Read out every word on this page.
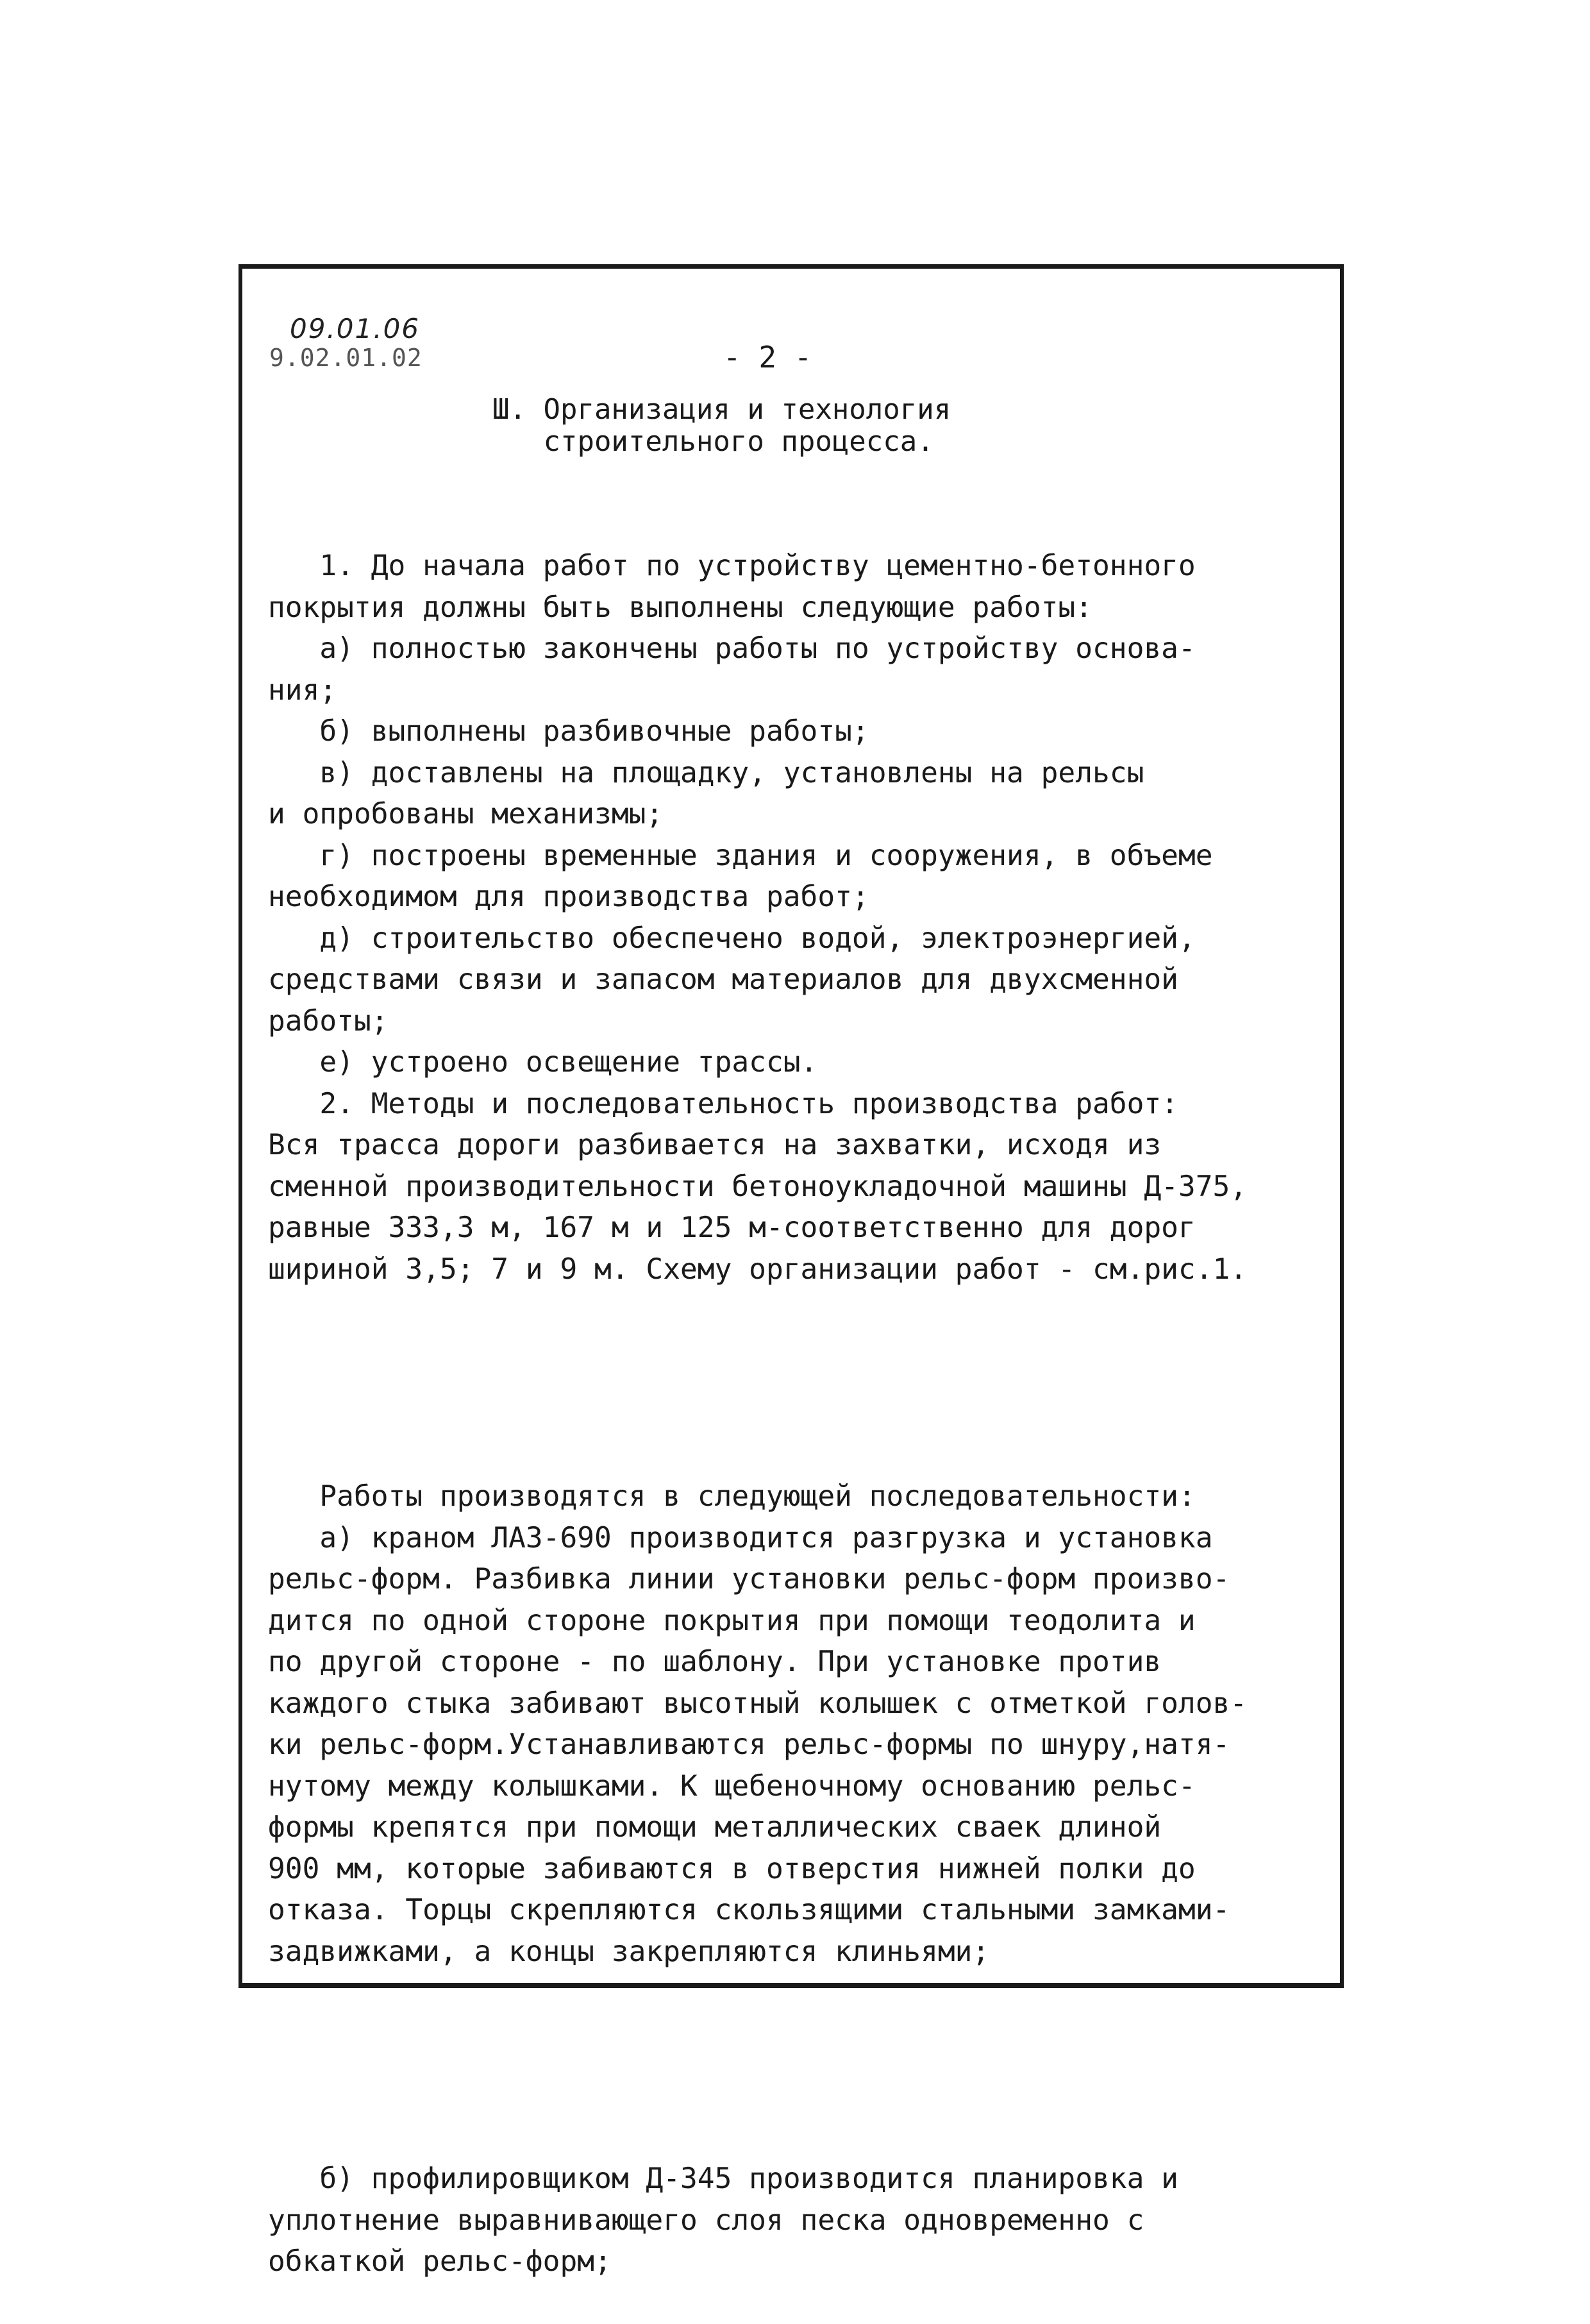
09.01.06
9.02.01.02	- 2 -
Ш. Организация и технология
строительного процесса.

1. До начала работ по устройству цементно-бетонного
покрытия должны быть выполнены следующие работы:
а) полностью закончены работы по устройству основа-
ния;
б) выполнены разбивочные работы;
в) доставлены на площадку, установлены на рельсы
и опробованы механизмы;
г) построены временные здания и сооружения, в объеме
необходимом для производства работ;
д) строительство обеспечено водой, электроэнергией,
средствами связи и запасом материалов для двухсменной
работы;
е) устроено освещение трассы.
2. Методы и последовательность производства работ:
Вся трасса дороги разбивается на захватки, исходя из
сменной производительности бетоноукладочной машины Д-375,
равные 333,3 м, 167 м и 125 м-соответственно для дорог
шириной 3,5; 7 и 9 м. Схему организации работ - см.рис.1.

Работы производятся в следующей последовательности:
а) краном ЛАЗ-690 производится разгрузка и установка
рельс-форм. Разбивка линии установки рельс-форм произво-
дится по одной стороне покрытия при помощи теодолита и
по другой стороне - по шаблону. При установке против
каждого стыка забивают высотный колышек с отметкой голов-
ки рельс-форм.Устанавливаются рельс-формы по шнуру,натя-
нутому между колышками. К щебеночному основанию рельс-
формы крепятся при помощи металлических сваек длиной
900 мм, которые забиваются в отверстия нижней полки до
отказа. Торцы скрепляются скользящими стальными замками-
задвижками, а концы закрепляются клиньями;

б) профилировщиком Д-345 производится планировка и
уплотнение выравнивающего слоя песка одновременно с
обкаткой рельс-форм;
